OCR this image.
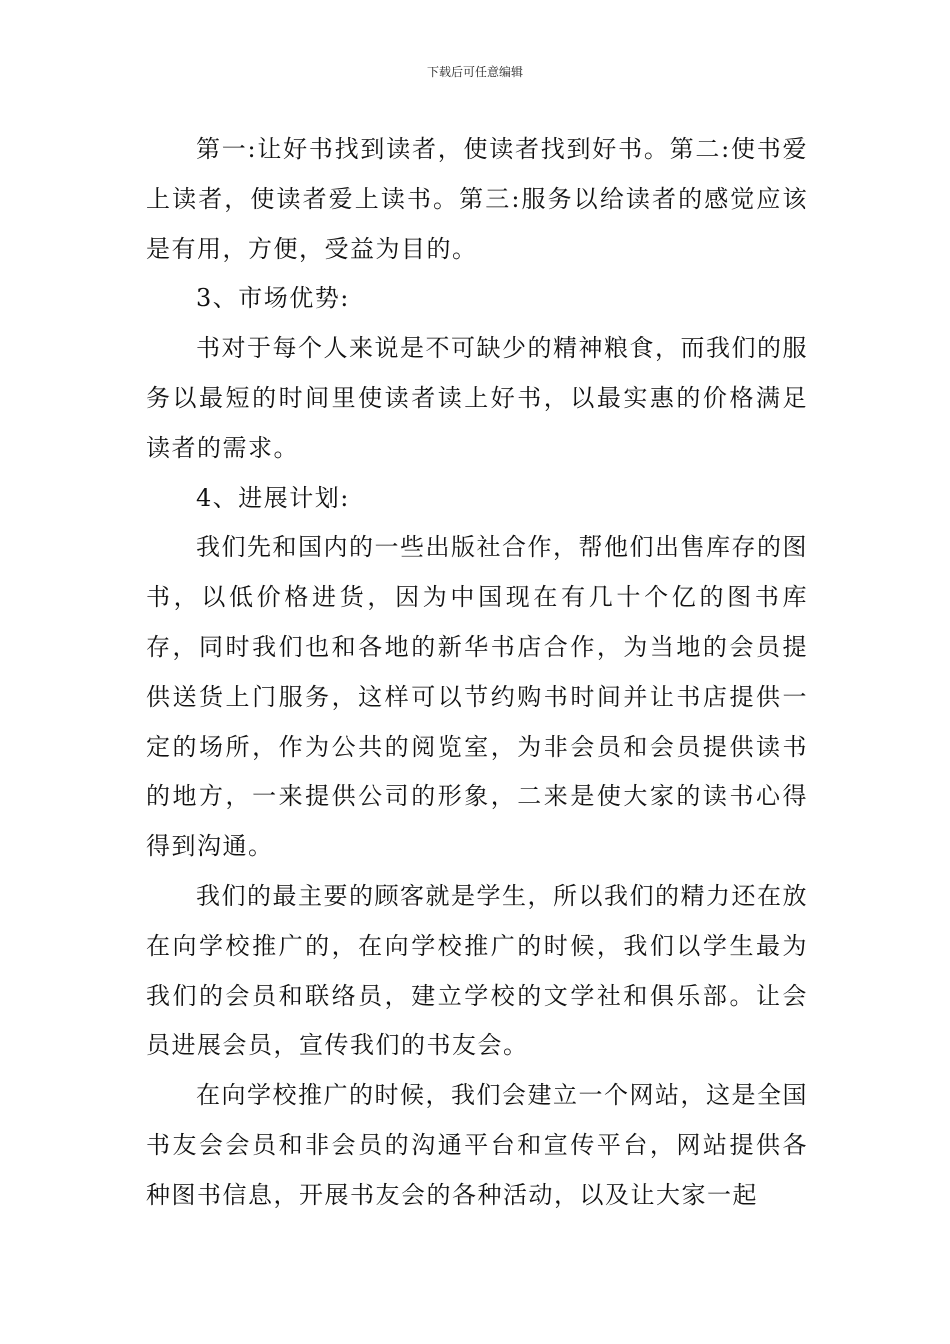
下载后可任意编辑

第一:让好书找到读者，使读者找到好书。第二:使书爱上读者，使读者爱上读书。第三:服务以给读者的感觉应该是有用，方便，受益为目的。

3、市场优势:

书对于每个人来说是不可缺少的精神粮食，而我们的服务以最短的时间里使读者读上好书，以最实惠的价格满足读者的需求。

4、进展计划:

我们先和国内的一些出版社合作，帮他们出售库存的图书，以低价格进货，因为中国现在有几十个亿的图书库存，同时我们也和各地的新华书店合作，为当地的会员提供送货上门服务，这样可以节约购书时间并让书店提供一定的场所，作为公共的阅览室，为非会员和会员提供读书的地方，一来提供公司的形象，二来是使大家的读书心得得到沟通。

我们的最主要的顾客就是学生，所以我们的精力还在放在向学校推广的，在向学校推广的时候，我们以学生最为我们的会员和联络员，建立学校的文学社和俱乐部。让会员进展会员，宣传我们的书友会。

在向学校推广的时候，我们会建立一个网站，这是全国书友会会员和非会员的沟通平台和宣传平台，网站提供各种图书信息，开展书友会的各种活动，以及让大家一起
